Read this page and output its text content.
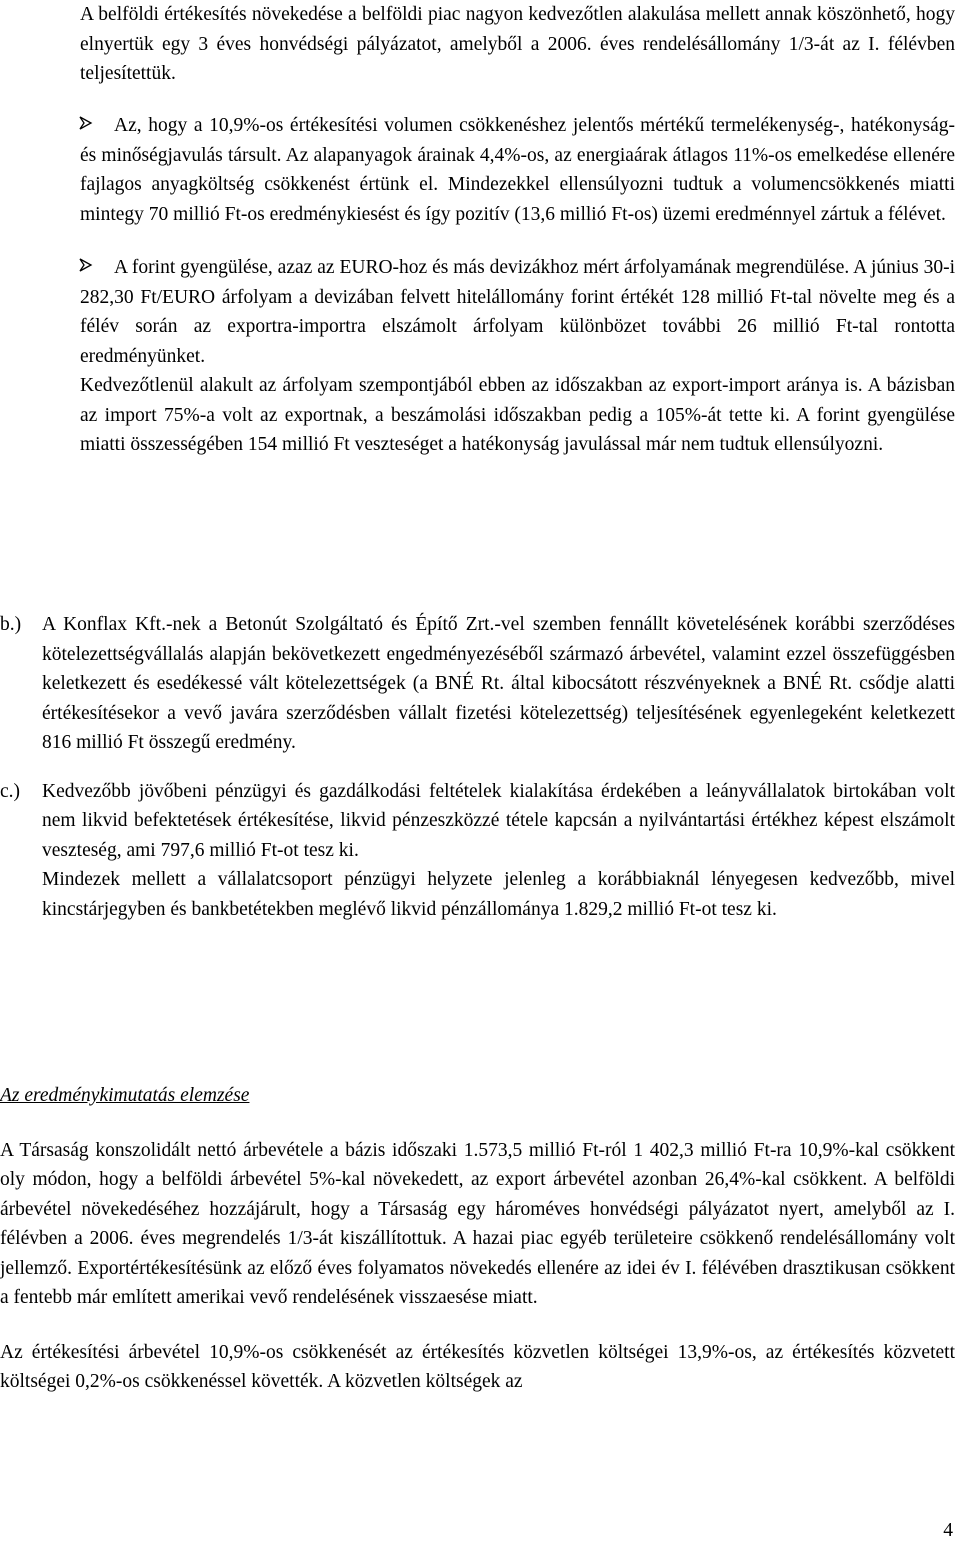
A belföldi értékesítés növekedése a belföldi piac nagyon kedvezőtlen alakulása mellett annak köszönhető, hogy elnyertük egy 3 éves honvédségi pályázatot, amelyből a 2006. éves rendelésállomány 1/3-át az I. félévben teljesítettük.

Az, hogy a 10,9%-os értékesítési volumen csökkenéshez jelentős mértékű termelékenység-, hatékonyság- és minőségjavulás társult. Az alapanyagok árainak 4,4%-os, az energiaárak átlagos 11%-os emelkedése ellenére fajlagos anyagköltség csökkenést értünk el. Mindezekkel ellensúlyozni tudtuk a volumencsökkenés miatti mintegy 70 millió Ft-os eredménykiesést és így pozitív (13,6 millió Ft-os) üzemi eredménnyel zártuk a félévet.

A forint gyengülése, azaz az EURO-hoz és más devizákhoz mért árfolyamának megrendülése. A június 30-i 282,30 Ft/EURO árfolyam a devizában felvett hitelállomány forint értékét 128 millió Ft-tal növelte meg és a félév során az exportra-importra elszámolt árfolyam különbözet további 26 millió Ft-tal rontotta eredményünket.

Kedvezőtlenül alakult az árfolyam szempontjából ebben az időszakban az export-import aránya is. A bázisban az import 75%-a volt az exportnak, a beszámolási időszakban pedig a 105%-át tette ki. A forint gyengülése miatti összességében 154 millió Ft veszteséget a hatékonyság javulással már nem tudtuk ellensúlyozni.

b.)	A Konflax Kft.-nek a Betonút Szolgáltató és Építő Zrt.-vel szemben fennállt követelésének korábbi szerződéses kötelezettségvállalás alapján bekövetkezett engedményezéséből származó árbevétel, valamint ezzel összefüggésben keletkezett és esedékessé vált kötelezettségek (a BNÉ Rt. által kibocsátott részvényeknek a BNÉ Rt. csődje alatti értékesítésekor a vevő javára szerződésben vállalt fizetési kötelezettség) teljesítésének egyenlegeként keletkezett 816 millió Ft összegű eredmény.

c.)	Kedvezőbb jövőbeni pénzügyi és gazdálkodási feltételek kialakítása érdekében a leányvállalatok birtokában volt nem likvid befektetések értékesítése, likvid pénzeszközzé tétele kapcsán a nyilvántartási értékhez képest elszámolt veszteség, ami 797,6 millió Ft-ot tesz ki.

Mindezek mellett a vállalatcsoport pénzügyi helyzete jelenleg a korábbiaknál lényegesen kedvezőbb, mivel kincstárjegyben és bankbetétekben meglévő likvid pénzállománya 1.829,2 millió Ft-ot tesz ki.

Az eredménykimutatás elemzése

A Társaság konszolidált nettó árbevétele a bázis időszaki 1.573,5 millió Ft-ról 1 402,3 millió Ft-ra 10,9%-kal csökkent oly módon, hogy a belföldi árbevétel 5%-kal növekedett, az export árbevétel azonban 26,4%-kal csökkent. A belföldi árbevétel növekedéséhez hozzájárult, hogy a Társaság egy hároméves honvédségi pályázatot nyert, amelyből az I. félévben a 2006. éves megrendelés 1/3-át kiszállítottuk. A hazai piac egyéb területeire csökkenő rendelésállomány volt jellemző. Exportértékesítésünk az előző éves folyamatos növekedés ellenére az idei év I. félévében drasztikusan csökkent a fentebb már említett amerikai vevő rendelésének visszaesése miatt.

Az értékesítési árbevétel 10,9%-os csökkenését az értékesítés közvetlen költségei 13,9%-os, az értékesítés közvetett költségei 0,2%-os csökkenéssel követték. A közvetlen költségek az

4
